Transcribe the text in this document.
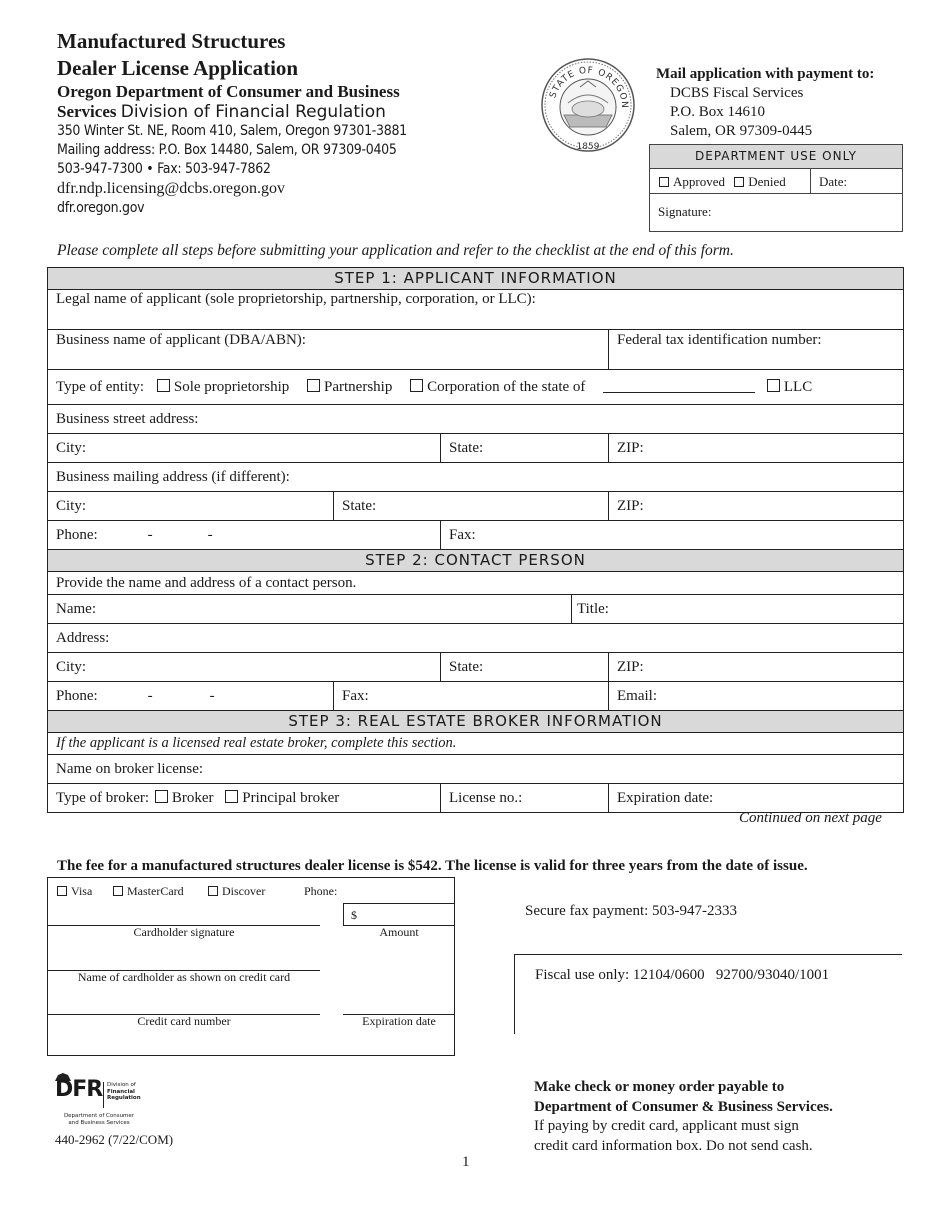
Manufactured Structures
Dealer License Application
Oregon Department of Consumer and Business
Services Division of Financial Regulation
350 Winter St. NE, Room 410, Salem, Oregon 97301-3881
Mailing address: P.O. Box 14480, Salem, OR 97309-0405
503-947-7300 • Fax: 503-947-7862
dfr.ndp.licensing@dcbs.oregon.gov
dfr.oregon.gov
STATE OF OREGON
1859
Mail application with payment to:
DCBS Fiscal Services
P.O. Box 14610
Salem, OR 97309-0445
DEPARTMENT USE ONLY
Approved Denied	Date:
Signature:
Please complete all steps before submitting your application and refer to the checklist at the end of this form.
STEP 1: APPLICANT INFORMATION				
Legal name of applicant (sole proprietorship, partnership, corporation, or LLC):				
Business name of applicant (DBA/ABN):				Federal tax identification number:
Type of entity: Sole proprietorship Partnership Corporation of the state of LLC				
Business street address:				
City:		State:		ZIP:
Business mailing address (if different):				
City:	State:			ZIP:
Phone: - -		Fax:		
STEP 2: CONTACT PERSON				
Provide the name and address of a contact person.				
Name:			Title:	
Address:				
City:		State:		ZIP:
Phone: - -	Fax:			Email:
STEP 3: REAL ESTATE BROKER INFORMATION				
If the applicant is a licensed real estate broker, complete this section.				
Name on broker license:				
Type of broker: Broker Principal broker		License no.:		Expiration date:
Continued on next page
The fee for a manufactured structures dealer license is $542. The license is valid for three years from the date of issue.
Visa	MasterCard	Discover	Phone:
$
Cardholder signature	Amount
Name of cardholder as shown on credit card
Credit card number	Expiration date
Secure fax payment: 503-947-2333
Fiscal use only: 12104/0600   92700/93040/1001
DFR Division of
Financial
Regulation
Department of Consumer
and Business Services
440-2962 (7/22/COM)
Make check or money order payable to
Department of Consumer & Business Services.
If paying by credit card, applicant must sign
credit card information box. Do not send cash.
1
